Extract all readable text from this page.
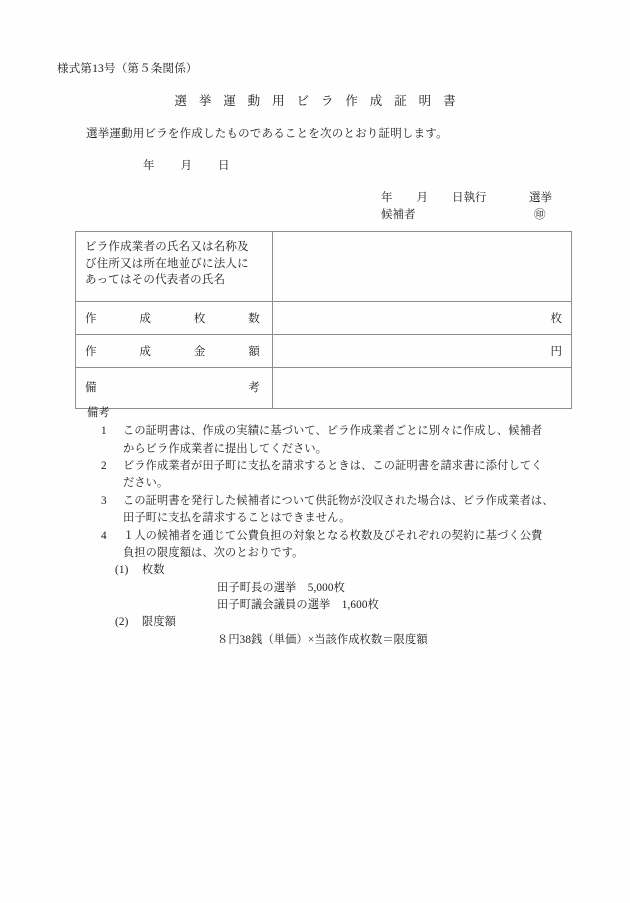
様式第13号（第５条関係）
選 挙 運 動 用 ビ ラ 作 成 証 明 書
選挙運動用ビラを作成したものであることを次のとおり証明します。
年 月 日
年 月 日執行	選挙
候補者	㊞
ビラ作成業者の氏名又は名称及
び住所又は所在地並びに法人に
あってはその代表者の氏名	

作 成 枚 数	枚

作 成 金 額	円

備 考	

備考
1 この証明書は、作成の実績に基づいて、ビラ作成業者ごとに別々に作成し、候補者
からビラ作成業者に提出してください。
2 ビラ作成業者が田子町に支払を請求するときは、この証明書を請求書に添付してく
ださい。
3 この証明書を発行した候補者について供託物が没収された場合は、ビラ作成業者は、
田子町に支払を請求することはできません。
4 １人の候補者を通じて公費負担の対象となる枚数及びそれぞれの契約に基づく公費
負担の限度額は、次のとおりです。
(1) 枚数
田子町長の選挙　5,000枚
田子町議会議員の選挙　1,600枚
(2) 限度額
８円38銭（単価）×当該作成枚数＝限度額
